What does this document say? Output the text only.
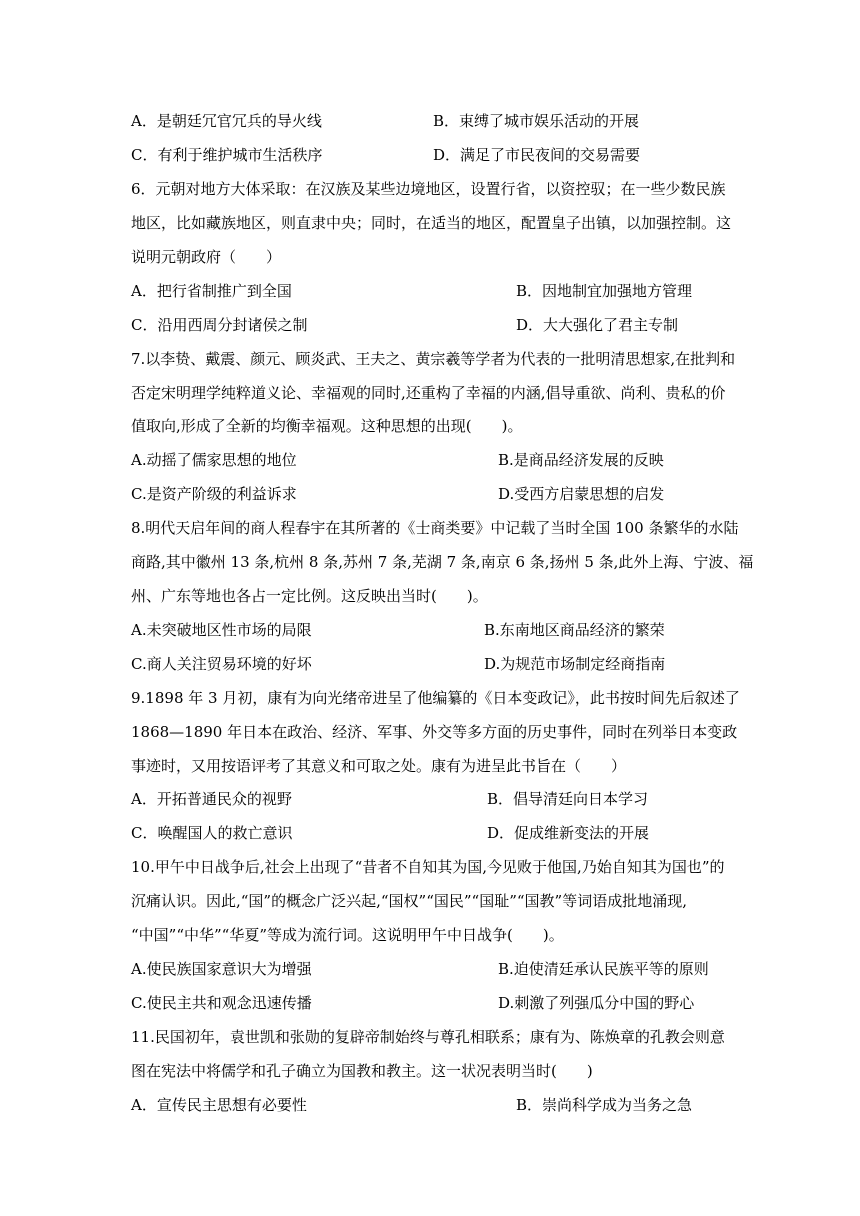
A．是朝廷冗官冗兵的导火线	B．束缚了城市娱乐活动的开展
C．有利于维护城市生活秩序	D．满足了市民夜间的交易需要
6．元朝对地方大体采取：在汉族及某些边境地区，设置行省，以资控驭；在一些少数民族
地区，比如藏族地区，则直隶中央；同时，在适当的地区，配置皇子出镇，以加强控制。这
说明元朝政府（　　）
A．把行省制推广到全国	B．因地制宜加强地方管理
C．沿用西周分封诸侯之制	D．大大强化了君主专制
7.以李贽、戴震、颜元、顾炎武、王夫之、黄宗羲等学者为代表的一批明清思想家,在批判和
否定宋明理学纯粹道义论、幸福观的同时,还重构了幸福的内涵,倡导重欲、尚利、贵私的价
值取向,形成了全新的均衡幸福观。这种思想的出现(　　)。
A.动摇了儒家思想的地位	B.是商品经济发展的反映
C.是资产阶级的利益诉求	D.受西方启蒙思想的启发
8.明代天启年间的商人程春宇在其所著的《士商类要》中记载了当时全国 100 条繁华的水陆
商路,其中徽州 13 条,杭州 8 条,苏州 7 条,芜湖 7 条,南京 6 条,扬州 5 条,此外上海、宁波、福
州、广东等地也各占一定比例。这反映出当时(　　)。
A.未突破地区性市场的局限	B.东南地区商品经济的繁荣
C.商人关注贸易环境的好坏	D.为规范市场制定经商指南
9.1898 年 3 月初，康有为向光绪帝进呈了他编纂的《日本变政记》，此书按时间先后叙述了
1868—1890 年日本在政治、经济、军事、外交等多方面的历史事件，同时在列举日本变政
事迹时，又用按语评考了其意义和可取之处。康有为进呈此书旨在（　　）
A．开拓普通民众的视野	B．倡导清廷向日本学习
C．唤醒国人的救亡意识	D．促成维新变法的开展
10.甲午中日战争后,社会上出现了“昔者不自知其为国,今见败于他国,乃始自知其为国也”的
沉痛认识。因此,“国”的概念广泛兴起,“国权”“国民”“国耻”“国教”等词语成批地涌现,
“中国”“中华”“华夏”等成为流行词。这说明甲午中日战争(　　)。
A.使民族国家意识大为增强	B.迫使清廷承认民族平等的原则
C.使民主共和观念迅速传播	D.刺激了列强瓜分中国的野心
11.民国初年，袁世凯和张勋的复辟帝制始终与尊孔相联系；康有为、陈焕章的孔教会则意
图在宪法中将儒学和孔子确立为国教和教主。这一状况表明当时(　　)
A．宣传民主思想有必要性	B．崇尚科学成为当务之急
